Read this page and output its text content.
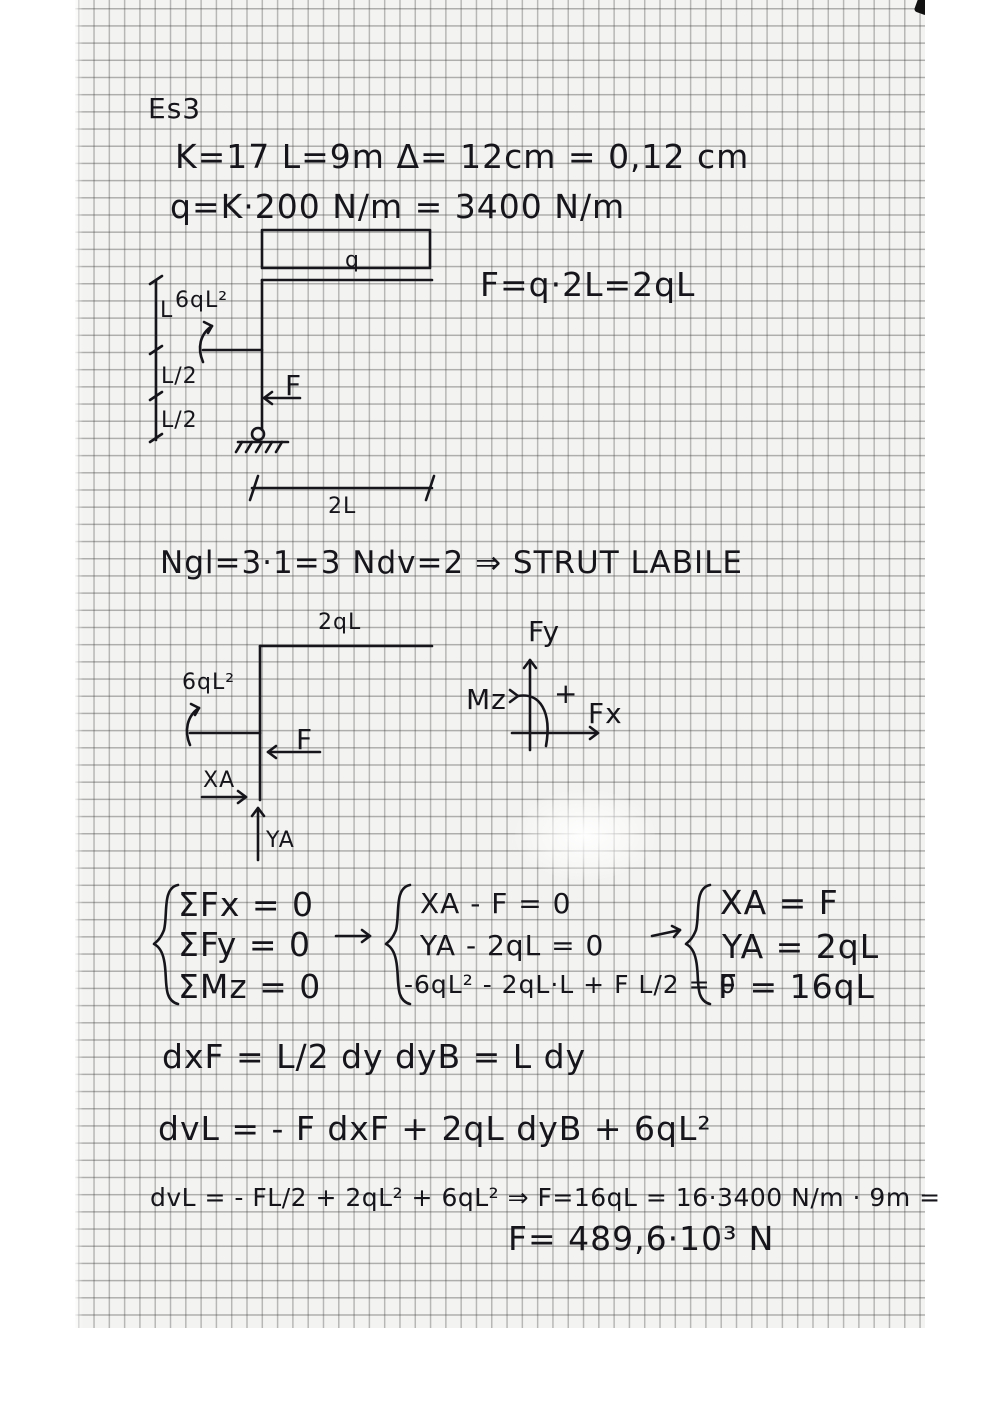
Es3
K=17 L=9m Δ= 12cm = 0,12 cm
q=K·200 N/m = 3400 N/m
q
F=q·2L=2qL
6qL²
F
L
L/2
L/2
2L
Ngl=3·1=3 Ndv=2 ⇒ STRUT LABILE
2qL
6qL²
F
XA
YA
Fy
Mz	Fx
+
ΣFx = 0
ΣFy = 0
ΣMz = 0
XA - F = 0
YA - 2qL = 0
-6qL² - 2qL·L + F L/2 = 0
XA = F
YA = 2qL
F = 16qL
dxF = L/2 dy dyB = L dy
dvL = - F dxF + 2qL dyB + 6qL²
dvL = - FL/2 + 2qL² + 6qL² ⇒ F=16qL = 16·3400 N/m · 9m =
F= 489,6·10³ N
